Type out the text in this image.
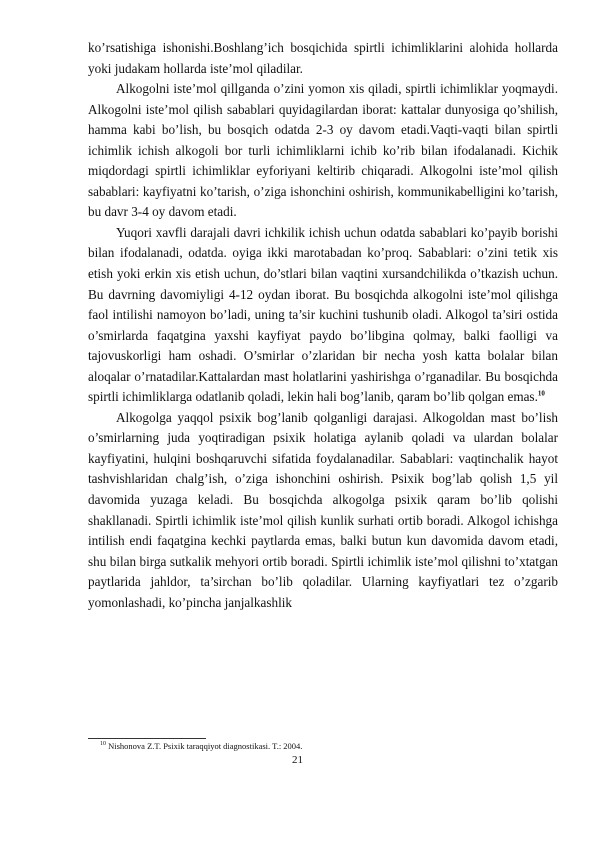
ko’rsatishiga ishonishi.Boshlang’ich bosqichida spirtli ichimliklarini alohida hollarda yoki judakam hollarda iste’mol qiladilar.

Alkogolni iste’mol qillganda o’zini yomon xis qiladi, spirtli ichimliklar yoqmaydi. Alkogolni iste’mol qilish sabablari quyidagilardan iborat: kattalar dunyosiga qo’shilish, hamma kabi bo’lish, bu bosqich odatda 2-3 oy davom etadi.Vaqti-vaqti bilan spirtli ichimlik ichish alkogoli bor turli ichimliklarni ichib ko’rib bilan ifodalanadi. Kichik miqdordagi spirtli ichimliklar eyforiyani keltirib chiqaradi. Alkogolni iste’mol qilish sabablari: kayfiyatni ko’tarish, o’ziga ishonchini oshirish, kommunikabelligini ko’tarish, bu davr 3-4 oy davom etadi.

Yuqori xavfli darajali davri ichkilik ichish uchun odatda sabablari ko’payib borishi bilan ifodalanadi, odatda. oyiga ikki marotabadan ko’proq. Sabablari: o’zini tetik xis etish yoki erkin xis etish uchun, do’stlari bilan vaqtini xursandchilikda o’tkazish uchun. Bu davrning davomiyligi 4-12 oydan iborat. Bu bosqichda alkogolni iste’mol qilishga faol intilishi namoyon bo’ladi, uning ta’sir kuchini tushunib oladi. Alkogol ta’siri ostida o’smirlarda faqatgina yaxshi kayfiyat paydo bo’libgina qolmay, balki faolligi va tajovuskorligi ham oshadi. O’smirlar o’zlaridan bir necha yosh katta bolalar bilan aloqalar o’rnatadilar.Kattalardan mast holatlarini yashirishga o’rganadilar. Bu bosqichda spirtli ichimliklarga odatlanib qoladi, lekin hali bog’lanib, qaram bo’lib qolgan emas.$^{10}$

Alkogolga yaqqol psixik bog’lanib qolganligi darajasi. Alkogoldan mast bo’lish o’smirlarning juda yoqtiradigan psixik holatiga aylanib qoladi va ulardan bolalar kayfiyatini, hulqini boshqaruvchi sifatida foydalanadilar. Sabablari: vaqtinchalik hayot tashvishlaridan chalg’ish, o’ziga ishonchini oshirish. Psixik bog’lab qolish 1,5 yil davomida yuzaga keladi. Bu bosqichda alkogolga psixik qaram bo’lib qolishi shakllanadi. Spirtli ichimlik iste’mol qilish kunlik surhati ortib boradi. Alkogol ichishga intilish endi faqatgina kechki paytlarda emas, balki butun kun davomida davom etadi, shu bilan birga sutkalik mehyori ortib boradi. Spirtli ichimlik iste’mol qilishni to’xtatgan paytlarida jahldor, ta’sirchan bo’lib qoladilar. Ularning kayfiyatlari tez o’zgarib yomonlashadi, ko’pincha janjalkashlik

$^{10}$ Nishonova Z.T. Psixik taraqqiyot diagnostikasi. T.: 2004.
21
